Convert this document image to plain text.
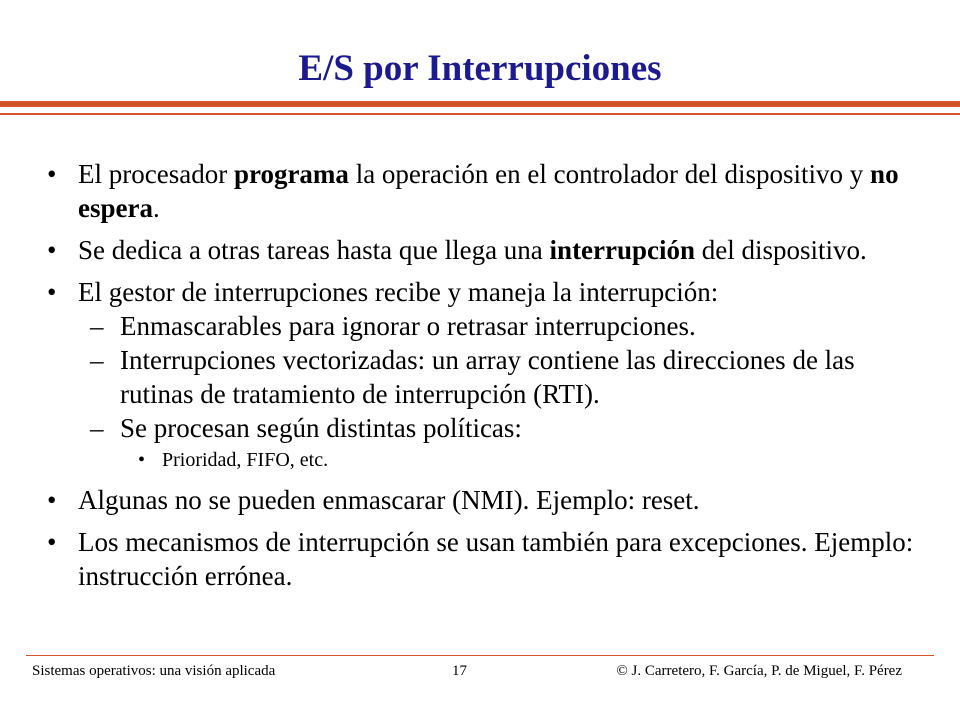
E/S por Interrupciones
• El procesador programa la operación en el controlador del dispositivo y no espera.
• Se dedica a otras tareas hasta que llega una interrupción del dispositivo.
• El gestor de interrupciones recibe y maneja la interrupción:
– Enmascarables para ignorar o retrasar interrupciones.
– Interrupciones vectorizadas: un array contiene las direcciones de las rutinas de tratamiento de interrupción (RTI).
– Se procesan según distintas políticas:
• Prioridad, FIFO, etc.
• Algunas no se pueden enmascarar (NMI). Ejemplo: reset.
• Los mecanismos de interrupción se usan también para excepciones. Ejemplo: instrucción errónea.
Sistemas operativos: una visión aplicada	17	© J. Carretero, F. García, P. de Miguel, F. Pérez
